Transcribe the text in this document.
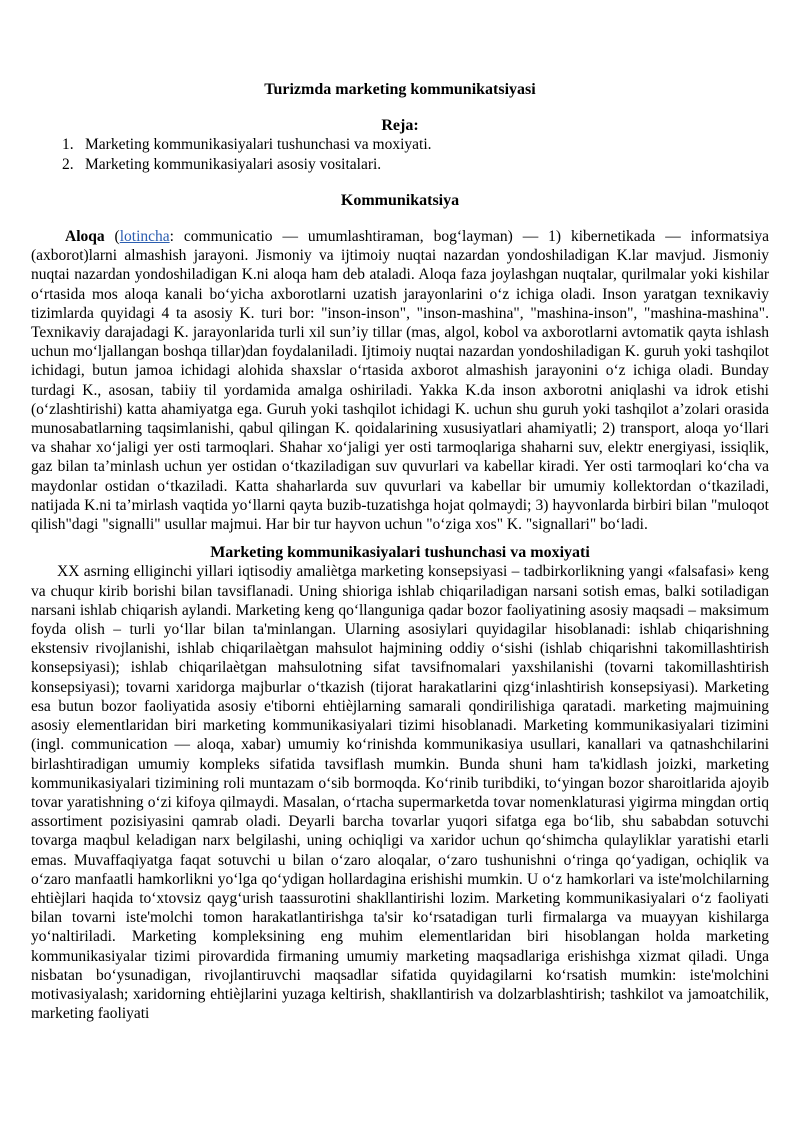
Turizmda marketing kommunikatsiyasi

Reja:

1. Marketing kommunikasiyalari tushunchasi va moxiyati.
2. Marketing kommunikasiyalari asosiy vositalari.

Kommunikatsiya

Aloqa (lotincha: communicatio — umumlashtiraman, bogʻlayman) — 1) kibernetikada — informatsiya (axborot)larni almashish jarayoni. Jismoniy va ijtimoiy nuqtai nazardan yondoshiladigan K.lar mavjud. Jismoniy nuqtai nazardan yondoshiladigan K.ni aloqa ham deb ataladi. Aloqa faza joylashgan nuqtalar, qurilmalar yoki kishilar oʻrtasida mos aloqa kanali boʻyicha axborotlarni uzatish jarayonlarini oʻz ichiga oladi. Inson yaratgan texnikaviy tizimlarda quyidagi 4 ta asosiy K. turi bor: "inson-inson", "inson-mashina", "mashina-inson", "mashina-mashina". Texnikaviy darajadagi K. jarayonlarida turli xil sun’iy tillar (mas, algol, kobol va axborotlarni avtomatik qayta ishlash uchun moʻljallangan boshqa tillar)dan foydalaniladi. Ijtimoiy nuqtai nazardan yondoshiladigan K. guruh yoki tashqilot ichidagi, butun jamoa ichidagi alohida shaxslar oʻrtasida axborot almashish jarayonini oʻz ichiga oladi. Bunday turdagi K., asosan, tabiiy til yordamida amalga oshiriladi. Yakka K.da inson axborotni aniqlashi va idrok etishi (oʻzlashtirishi) katta ahamiyatga ega. Guruh yoki tashqilot ichidagi K. uchun shu guruh yoki tashqilot a’zolari orasida munosabatlarning taqsimlanishi, qabul qilingan K. qoidalarining xususiyatlari ahamiyatli; 2) transport, aloqa yoʻllari va shahar xoʻjaligi yer osti tarmoqlari. Shahar xoʻjaligi yer osti tarmoqlariga shaharni suv, elektr energiyasi, issiqlik, gaz bilan ta’minlash uchun yer ostidan oʻtkaziladigan suv quvurlari va kabellar kiradi. Yer osti tarmoqlari koʻcha va maydonlar ostidan oʻtkaziladi. Katta shaharlarda suv quvurlari va kabellar bir umumiy kollektordan oʻtkaziladi, natijada K.ni ta’mirlash vaqtida yoʻllarni qayta buzib-tuzatishga hojat qolmaydi; 3) hayvonlarda birbiri bilan "muloqot qilish"dagi "signalli" usullar majmui. Har bir tur hayvon uchun "oʻziga xos" K. "signallari" boʻladi.

Marketing kommunikasiyalari tushunchasi va moxiyati

XX asrning elliginchi yillari iqtisodiy amaliètga marketing konsepsiyasi – tadbirkorlikning yangi «falsafasi» keng va chuqur kirib borishi bilan tavsiflanadi. Uning shioriga ishlab chiqariladigan narsani sotish emas, balki sotiladigan narsani ishlab chiqarish aylandi. Marketing keng qoʻllanguniga qadar bozor faoliyatining asosiy maqsadi – maksimum foyda olish – turli yoʻllar bilan ta'minlangan. Ularning asosiylari quyidagilar hisoblanadi: ishlab chiqarishning ekstensiv rivojlanishi, ishlab chiqarilaètgan mahsulot hajmining oddiy oʻsishi (ishlab chiqarishni takomillashtirish konsepsiyasi); ishlab chiqarilaètgan mahsulotning sifat tavsifnomalari yaxshilanishi (tovarni takomillashtirish konsepsiyasi); tovarni xaridorga majburlar oʻtkazish (tijorat harakatlarini qizgʻinlashtirish konsepsiyasi). Marketing esa butun bozor faoliyatida asosiy e'tiborni ehtièjlarning samarali qondirilishiga qaratadi. marketing majmuining asosiy elementlaridan biri marketing kommunikasiyalari tizimi hisoblanadi. Marketing kommunikasiyalari tizimini (ingl. communication — aloqa, xabar) umumiy koʻrinishda kommunikasiya usullari, kanallari va qatnashchilarini birlashtiradigan umumiy kompleks sifatida tavsiflash mumkin. Bunda shuni ham ta'kidlash joizki, marketing kommunikasiyalari tizimining roli muntazam oʻsib bormoqda. Koʻrinib turibdiki, toʻyingan bozor sharoitlarida ajoyib tovar yaratishning oʻzi kifoya qilmaydi. Masalan, oʻrtacha supermarketda tovar nomenklaturasi yigirma mingdan ortiq assortiment pozisiyasini qamrab oladi. Deyarli barcha tovarlar yuqori sifatga ega boʻlib, shu sababdan sotuvchi tovarga maqbul keladigan narx belgilashi, uning ochiqligi va xaridor uchun qoʻshimcha qulayliklar yaratishi etarli emas. Muvaffaqiyatga faqat sotuvchi u bilan oʻzaro aloqalar, oʻzaro tushunishni oʻringa qoʻyadigan, ochiqlik va oʻzaro manfaatli hamkorlikni yoʻlga qoʻydigan hollardagina erishishi mumkin. U oʻz hamkorlari va iste'molchilarning ehtièjlari haqida toʻxtovsiz qaygʻurish taassurotini shakllantirishi lozim. Marketing kommunikasiyalari oʻz faoliyati bilan tovarni iste'molchi tomon harakatlantirishga ta'sir koʻrsatadigan turli firmalarga va muayyan kishilarga yoʻnaltiriladi. Marketing kompleksining eng muhim elementlaridan biri hisoblangan holda marketing kommunikasiyalar tizimi pirovardida firmaning umumiy marketing maqsadlariga erishishga xizmat qiladi. Unga nisbatan boʻysunadigan, rivojlantiruvchi maqsadlar sifatida quyidagilarni koʻrsatish mumkin: iste'molchini motivasiyalash; xaridorning ehtièjlarini yuzaga keltirish, shakllantirish va dolzarblashtirish; tashkilot va jamoatchilik, marketing faoliyati
